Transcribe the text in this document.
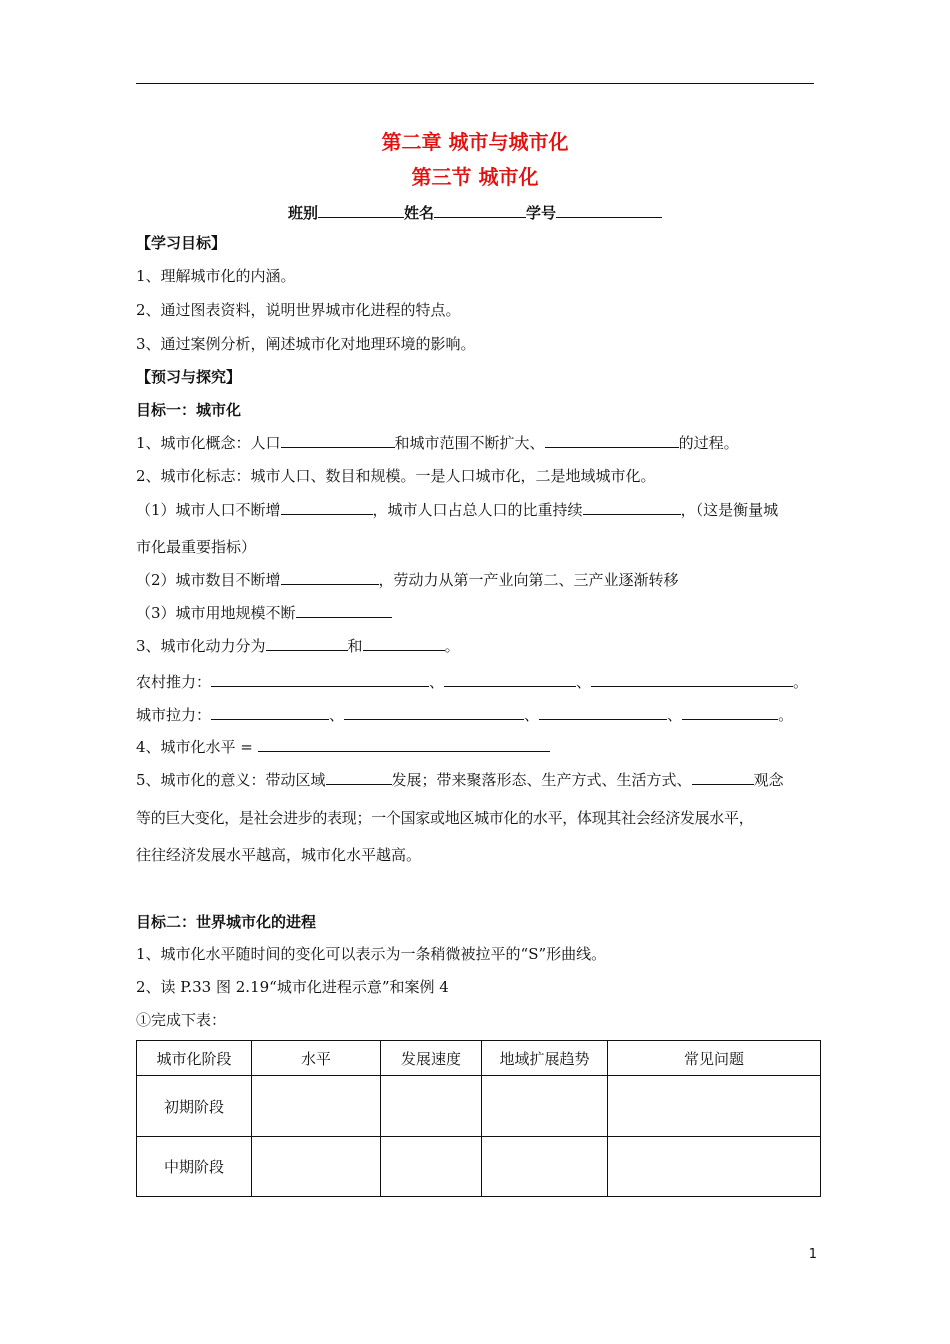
第二章 城市与城市化
第三节 城市化
班别	姓名	学号
【学习目标】
1、理解城市化的内涵。
2、通过图表资料，说明世界城市化进程的特点。
3、通过案例分析，阐述城市化对地理环境的影响。
【预习与探究】
目标一：城市化
1、城市化概念：人口	和城市范围不断扩大、	的过程。
2、城市化标志：城市人口、数目和规模。一是人口城市化，二是地域城市化。
（1）城市人口不断增	，城市人口占总人口的比重持续	，（这是衡量城
市化最重要指标）
（2）城市数目不断增	，劳动力从第一产业向第二、三产业逐渐转移
（3）城市用地规模不断
3、城市化动力分为	和	。
农村推力：	、	、	。
城市拉力：	、	、	、	。
4、城市化水平 =
5、城市化的意义：带动区域	发展；带来聚落形态、生产方式、生活方式、	观念
等的巨大变化，是社会进步的表现；一个国家或地区城市化的水平，体现其社会经济发展水平，
往往经济发展水平越高，城市化水平越高。
目标二：世界城市化的进程
1、城市化水平随时间的变化可以表示为一条稍微被拉平的“S”形曲线。
2、读 P.33 图 2.19“城市化进程示意”和案例 4
①完成下表：
城市化阶段	水平	发展速度	地域扩展趋势	常见问题
初期阶段				
中期阶段				
1
